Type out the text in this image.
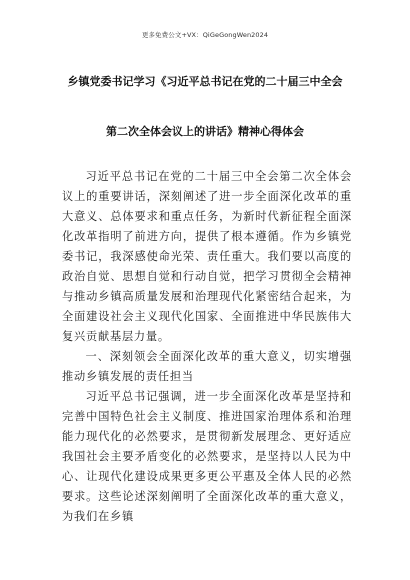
更多免费公文+VX：QiGeGongWen2024
乡镇党委书记学习《习近平总书记在党的二十届三中全会
第二次全体会议上的讲话》精神心得体会

习近平总书记在党的二十届三中全会第二次全体会议上的重要讲话，深刻阐述了进一步全面深化改革的重大意义、总体要求和重点任务，为新时代新征程全面深化改革指明了前进方向，提供了根本遵循。作为乡镇党委书记，我深感使命光荣、责任重大。我们要以高度的政治自觉、思想自觉和行动自觉，把学习贯彻全会精神与推动乡镇高质量发展和治理现代化紧密结合起来，为全面建设社会主义现代化国家、全面推进中华民族伟大复兴贡献基层力量。

一、深刻领会全面深化改革的重大意义，切实增强推动乡镇发展的责任担当

习近平总书记强调，进一步全面深化改革是坚持和完善中国特色社会主义制度、推进国家治理体系和治理能力现代化的必然要求，是贯彻新发展理念、更好适应我国社会主要矛盾变化的必然要求，是坚持以人民为中心、让现代化建设成果更多更公平惠及全体人民的必然要求。这些论述深刻阐明了全面深化改革的重大意义，为我们在乡镇
